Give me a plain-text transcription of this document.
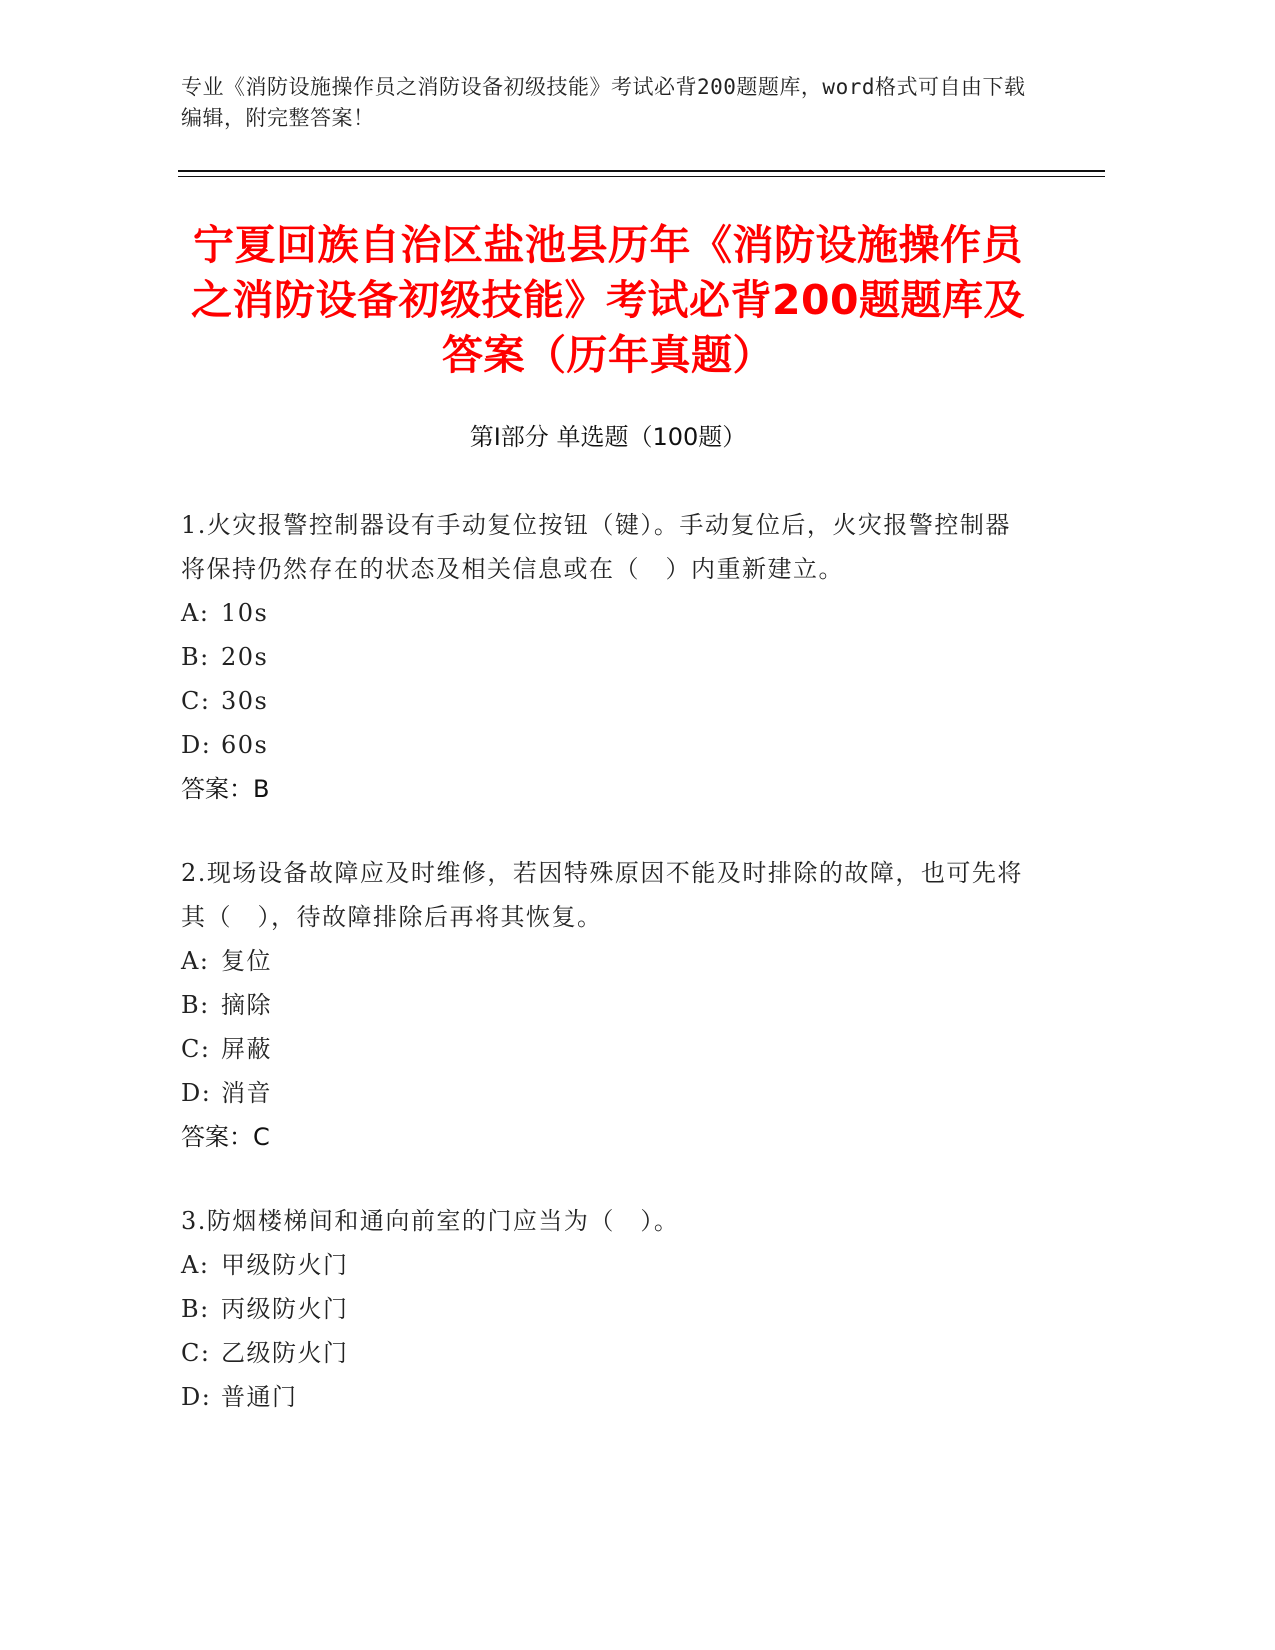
专业《消防设施操作员之消防设备初级技能》考试必背200题题库，word格式可自由下载编辑，附完整答案！
宁夏回族自治区盐池县历年《消防设施操作员之消防设备初级技能》考试必背200题题库及答案（历年真题）
第I部分 单选题（100题）

1.火灾报警控制器设有手动复位按钮（键）。手动复位后，火灾报警控制器将保持仍然存在的状态及相关信息或在（　）内重新建立。

A: 10s

B: 20s

C: 30s

D: 60s

答案：B

2.现场设备故障应及时维修，若因特殊原因不能及时排除的故障，也可先将其（　），待故障排除后再将其恢复。

A: 复位

B: 摘除

C: 屏蔽

D: 消音

答案：C

3.防烟楼梯间和通向前室的门应当为（　）。

A: 甲级防火门

B: 丙级防火门

C: 乙级防火门

D: 普通门
